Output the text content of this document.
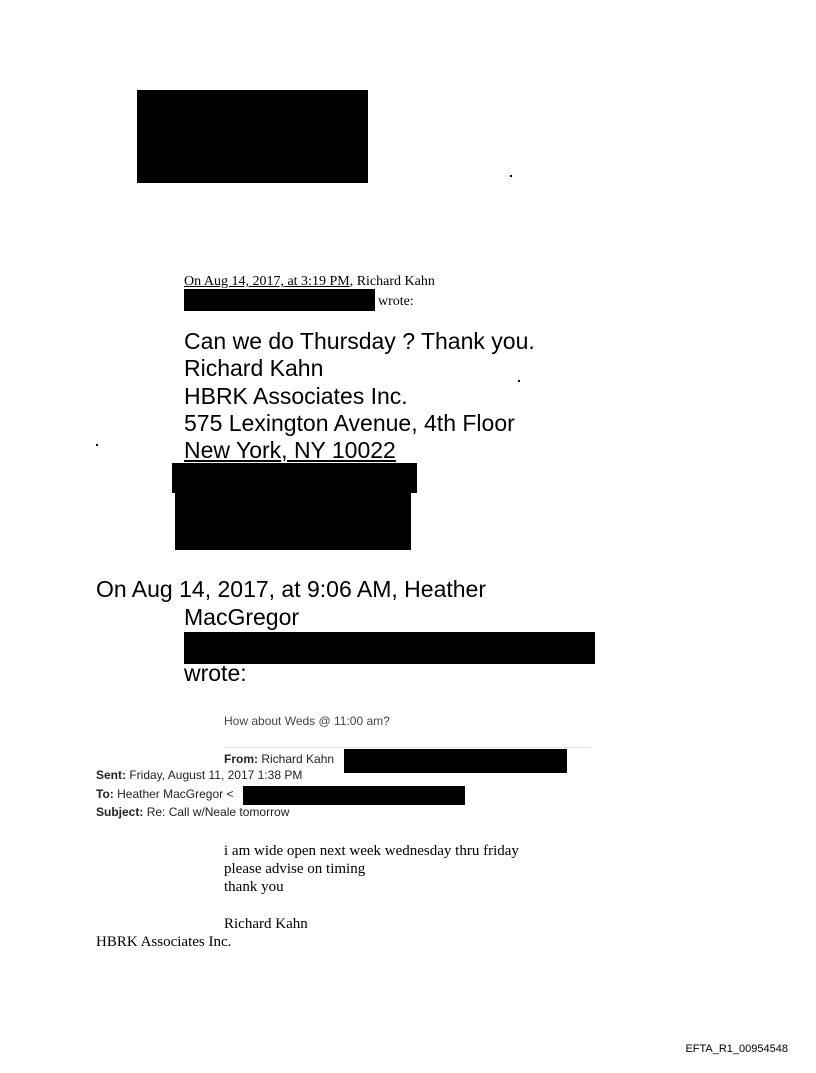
On Aug 14, 2017, at 3:19 PM, Richard Kahn
wrote:
Can we do Thursday ? Thank you.
Richard Kahn
HBRK Associates Inc.
575 Lexington Avenue, 4th Floor
New York, NY 10022
On Aug 14, 2017, at 9:06 AM, Heather
MacGregor
wrote:
How about Weds @ 11:00 am?
From: Richard Kahn
Sent: Friday, August 11, 2017 1:38 PM
To: Heather MacGregor <
Subject: Re: Call w/Neale tomorrow
i am wide open next week wednesday thru friday
please advise on timing
thank you
Richard Kahn
HBRK Associates Inc.
EFTA_R1_00954548
